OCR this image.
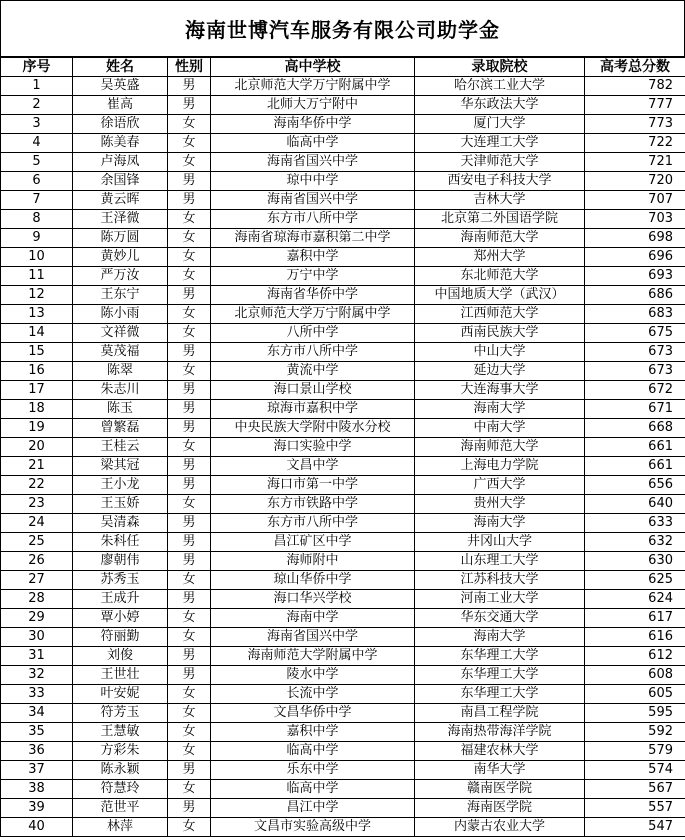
海南世博汽车服务有限公司助学金
序号	姓名	性别	高中学校	录取院校	高考总分数
1	吴英盛	男	北京师范大学万宁附属中学	哈尔滨工业大学	782
2	崔高	男	北师大万宁附中	华东政法大学	777
3	徐语欣	女	海南华侨中学	厦门大学	773
4	陈美春	女	临高中学	大连理工大学	722
5	卢海凤	女	海南省国兴中学	天津师范大学	721
6	余国锋	男	琼中中学	西安电子科技大学	720
7	黄云晖	男	海南省国兴中学	吉林大学	707
8	王泽微	女	东方市八所中学	北京第二外国语学院	703
9	陈万圆	女	海南省琼海市嘉积第二中学	海南师范大学	698
10	黄妙儿	女	嘉积中学	郑州大学	696
11	严万汝	女	万宁中学	东北师范大学	693
12	王东宁	男	海南省华侨中学	中国地质大学（武汉）	686
13	陈小雨	女	北京师范大学万宁附属中学	江西师范大学	683
14	文祥微	女	八所中学	西南民族大学	675
15	莫茂福	男	东方市八所中学	中山大学	673
16	陈翠	女	黄流中学	延边大学	673
17	朱志川	男	海口景山学校	大连海事大学	672
18	陈玉	男	琼海市嘉积中学	海南大学	671
19	曾繁磊	男	中央民族大学附中陵水分校	中南大学	668
20	王桂云	女	海口实验中学	海南师范大学	661
21	梁其冠	男	文昌中学	上海电力学院	661
22	王小龙	男	海口市第一中学	广西大学	656
23	王玉娇	女	东方市铁路中学	贵州大学	640
24	吴清森	男	东方市八所中学	海南大学	633
25	朱科任	男	昌江矿区中学	井冈山大学	632
26	廖朝伟	男	海师附中	山东理工大学	630
27	苏秀玉	女	琼山华侨中学	江苏科技大学	625
28	王成升	男	海口华兴学校	河南工业大学	624
29	覃小婷	女	海南中学	华东交通大学	617
30	符丽勤	女	海南省国兴中学	海南大学	616
31	刘俊	男	海南师范大学附属中学	东华理工大学	612
32	王世壮	男	陵水中学	东华理工大学	608
33	叶安妮	女	长流中学	东华理工大学	605
34	符芳玉	女	文昌华侨中学	南昌工程学院	595
35	王慧敏	女	嘉积中学	海南热带海洋学院	592
36	方彩朱	女	临高中学	福建农林大学	579
37	陈永颖	男	乐东中学	南华大学	574
38	符慧玲	女	临高中学	赣南医学院	567
39	范世平	男	昌江中学	海南医学院	557
40	林萍	女	文昌市实验高级中学	内蒙古农业大学	547
